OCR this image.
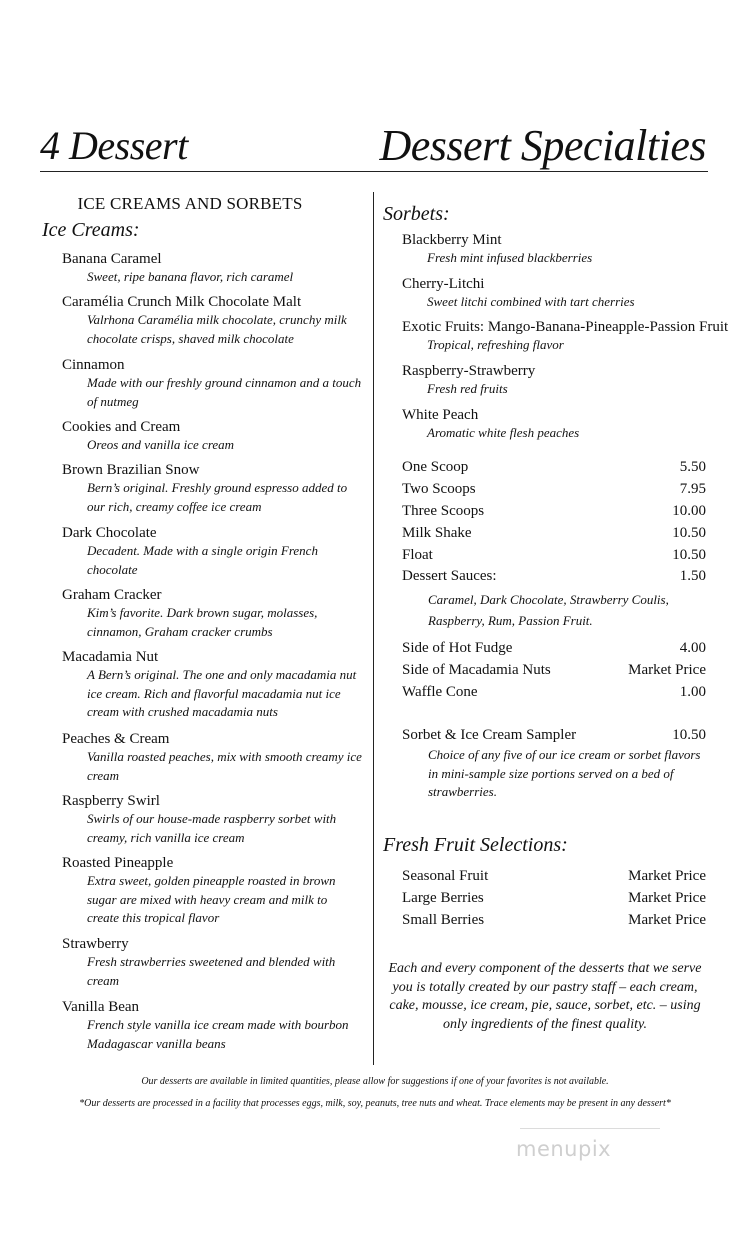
4 Dessert	Dessert Specialties
ICE CREAMS AND SORBETS
Ice Creams:
Banana Caramel
Sweet, ripe banana flavor, rich caramel
Caramélia Crunch Milk Chocolate Malt
Valrhona Caramélia milk chocolate, crunchy milk chocolate crisps, shaved milk chocolate
Cinnamon
Made with our freshly ground cinnamon and a touch of nutmeg
Cookies and Cream
Oreos and vanilla ice cream
Brown Brazilian Snow
Bern’s original. Freshly ground espresso added to our rich, creamy coffee ice cream
Dark Chocolate
Decadent. Made with a single origin French chocolate
Graham Cracker
Kim’s favorite. Dark brown sugar, molasses, cinnamon, Graham cracker crumbs
Macadamia Nut
A Bern’s original. The one and only macadamia nut ice cream. Rich and flavorful macadamia nut ice cream with crushed macadamia nuts
Peaches & Cream
Vanilla roasted peaches, mix with smooth creamy ice cream
Raspberry Swirl
Swirls of our house-made raspberry sorbet with creamy, rich vanilla ice cream
Roasted Pineapple
Extra sweet, golden pineapple roasted in brown sugar are mixed with heavy cream and milk to create this tropical flavor
Strawberry
Fresh strawberries sweetened and blended with cream
Vanilla Bean
French style vanilla ice cream made with bourbon Madagascar vanilla beans
Sorbets:
Blackberry Mint
Fresh mint infused blackberries
Cherry-Litchi
Sweet litchi combined with tart cherries
Exotic Fruits: Mango-Banana-Pineapple-Passion Fruit
Tropical, refreshing flavor
Raspberry-Strawberry
Fresh red fruits
White Peach
Aromatic white flesh peaches
One Scoop	5.50
Two Scoops	7.95
Three Scoops	10.00
Milk Shake	10.50
Float	10.50
Dessert Sauces:	1.50
Caramel, Dark Chocolate, Strawberry Coulis, Raspberry, Rum, Passion Fruit.
Side of Hot Fudge	4.00
Side of Macadamia Nuts	Market Price
Waffle Cone	1.00
Sorbet & Ice Cream Sampler	10.50
Choice of any five of our ice cream or sorbet flavors in mini-sample size portions served on a bed of strawberries.
Fresh Fruit Selections:
Seasonal Fruit	Market Price
Large Berries	Market Price
Small Berries	Market Price
Each and every component of the desserts that we serve you is totally created by our pastry staff – each cream, cake, mousse, ice cream, pie, sauce, sorbet, etc. – using only ingredients of the finest quality.
Our desserts are available in limited quantities, please allow for suggestions if one of your favorites is not available.
*Our desserts are processed in a facility that processes eggs, milk, soy, peanuts, tree nuts and wheat. Trace elements may be present in any dessert*
menupix
